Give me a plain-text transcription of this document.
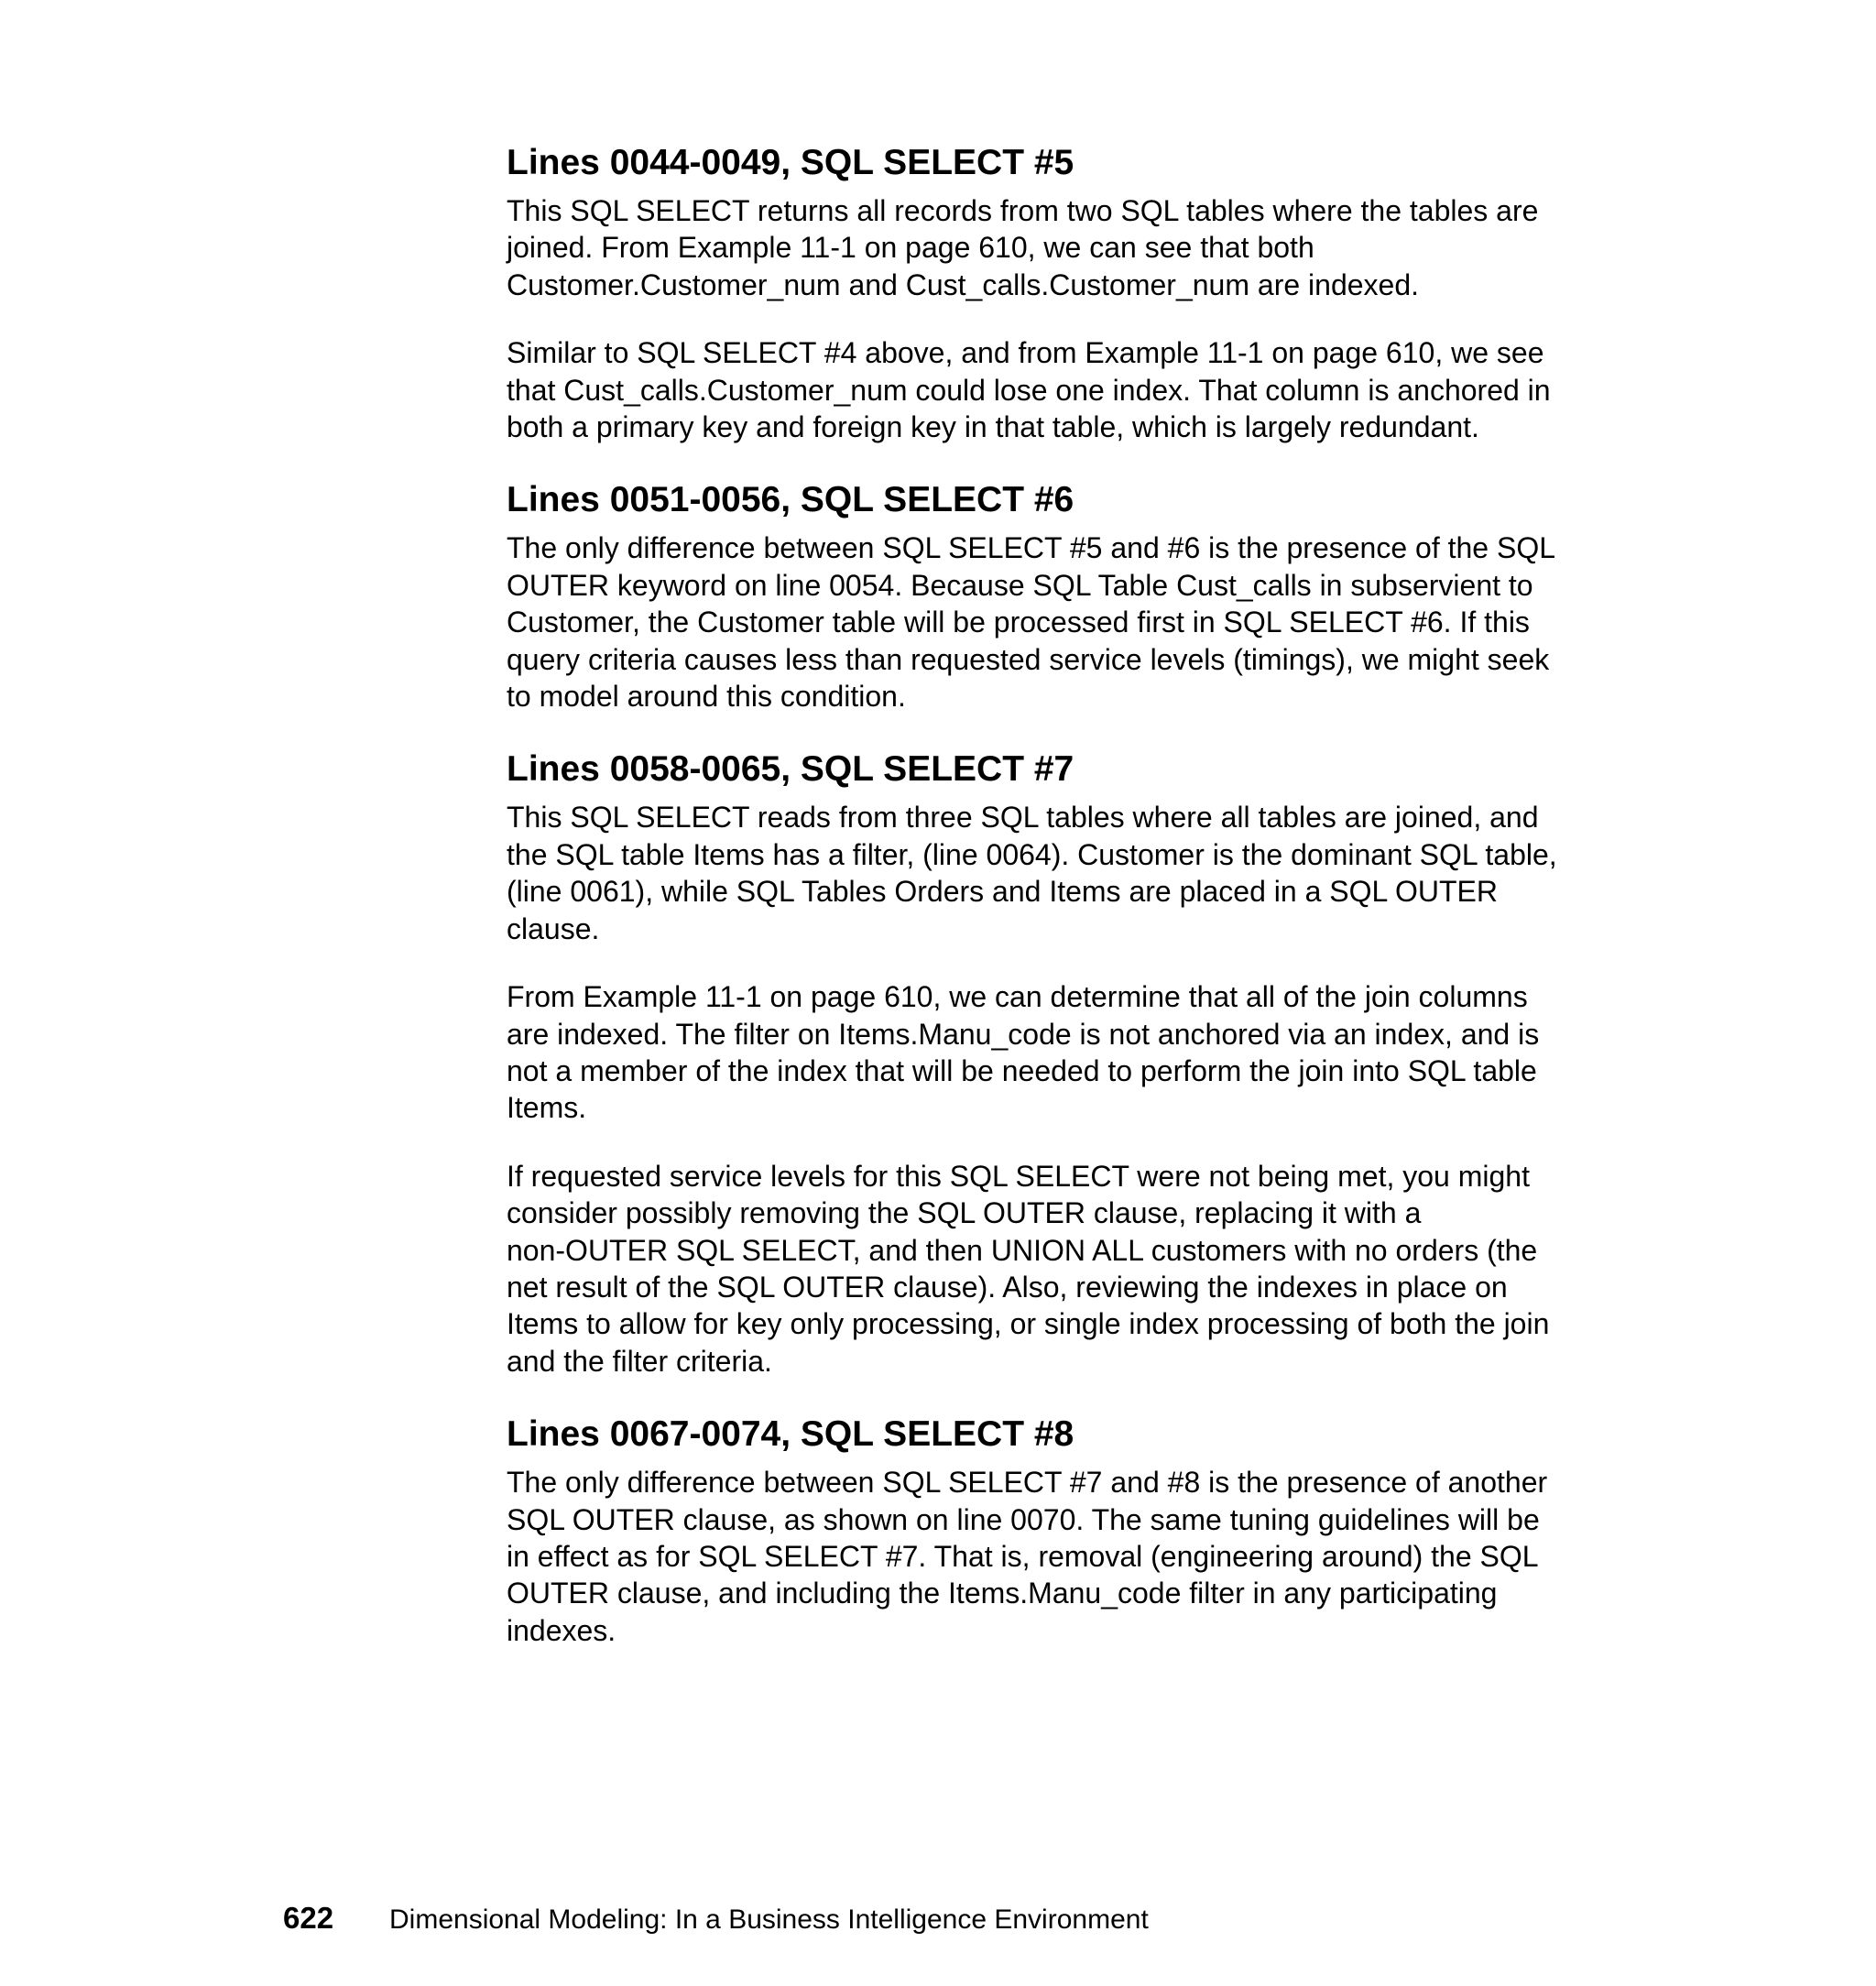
Lines 0044-0049, SQL SELECT #5

This SQL SELECT returns all records from two SQL tables where the tables are
joined. From Example 11-1 on page 610, we can see that both
Customer.Customer_num and Cust_calls.Customer_num are indexed.

Similar to SQL SELECT #4 above, and from Example 11-1 on page 610, we see
that Cust_calls.Customer_num could lose one index. That column is anchored in
both a primary key and foreign key in that table, which is largely redundant.

Lines 0051-0056, SQL SELECT #6

The only difference between SQL SELECT #5 and #6 is the presence of the SQL
OUTER keyword on line 0054. Because SQL Table Cust_calls in subservient to
Customer, the Customer table will be processed first in SQL SELECT #6. If this
query criteria causes less than requested service levels (timings), we might seek
to model around this condition.

Lines 0058-0065, SQL SELECT #7

This SQL SELECT reads from three SQL tables where all tables are joined, and
the SQL table Items has a filter, (line 0064). Customer is the dominant SQL table,
(line 0061), while SQL Tables Orders and Items are placed in a SQL OUTER
clause.

From Example 11-1 on page 610, we can determine that all of the join columns
are indexed. The filter on Items.Manu_code is not anchored via an index, and is
not a member of the index that will be needed to perform the join into SQL table
Items.

If requested service levels for this SQL SELECT were not being met, you might
consider possibly removing the SQL OUTER clause, replacing it with a
non-OUTER SQL SELECT, and then UNION ALL customers with no orders (the
net result of the SQL OUTER clause). Also, reviewing the indexes in place on
Items to allow for key only processing, or single index processing of both the join
and the filter criteria.

Lines 0067-0074, SQL SELECT #8

The only difference between SQL SELECT #7 and #8 is the presence of another
SQL OUTER clause, as shown on line 0070. The same tuning guidelines will be
in effect as for SQL SELECT #7. That is, removal (engineering around) the SQL
OUTER clause, and including the Items.Manu_code filter in any participating
indexes.

622 Dimensional Modeling: In a Business Intelligence Environment
